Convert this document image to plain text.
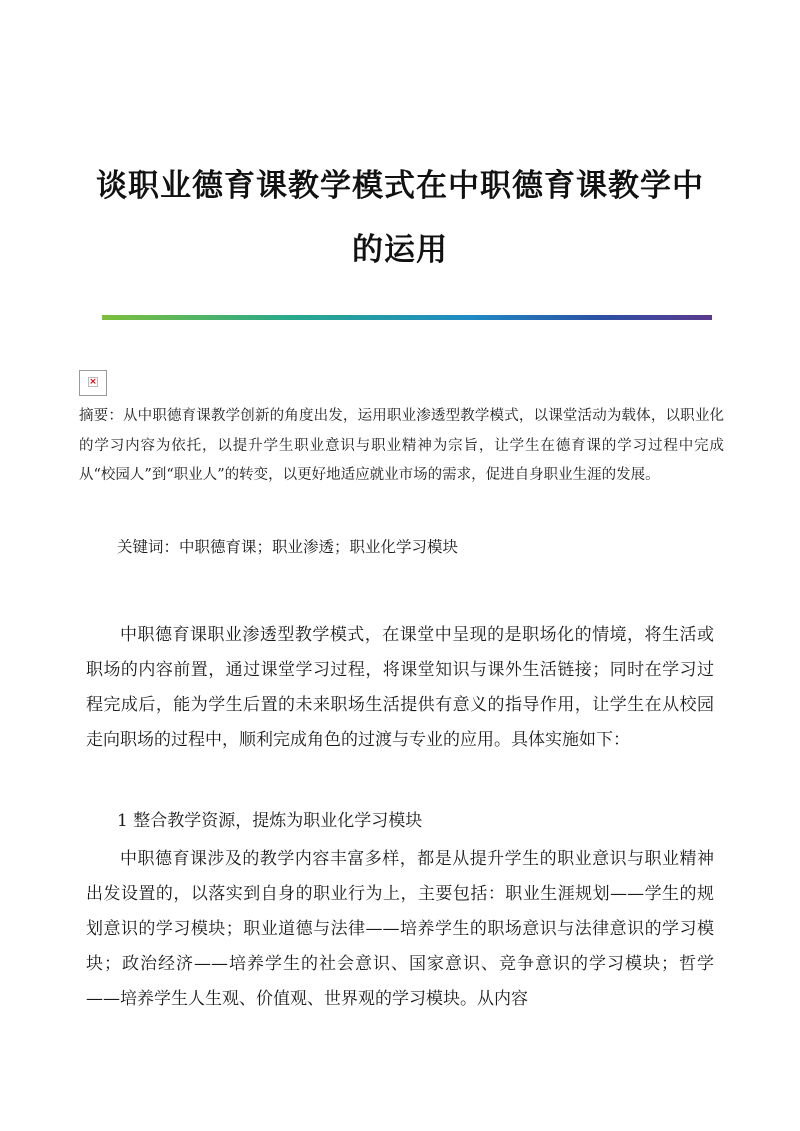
谈职业德育课教学模式在中职德育课教学中
的运用
×

摘要：从中职德育课教学创新的角度出发，运用职业渗透型教学模式，以课堂活动为载体，以职业化的学习内容为依托，以提升学生职业意识与职业精神为宗旨，让学生在德育课的学习过程中完成从“校园人”到“职业人”的转变，以更好地适应就业市场的需求，促进自身职业生涯的发展。

关键词：中职德育课；职业渗透；职业化学习模块

中职德育课职业渗透型教学模式，在课堂中呈现的是职场化的情境，将生活或职场的内容前置，通过课堂学习过程，将课堂知识与课外生活链接；同时在学习过程完成后，能为学生后置的未来职场生活提供有意义的指导作用，让学生在从校园走向职场的过程中，顺利完成角色的过渡与专业的应用。具体实施如下：

1 整合教学资源，提炼为职业化学习模块

中职德育课涉及的教学内容丰富多样，都是从提升学生的职业意识与职业精神出发设置的，以落实到自身的职业行为上，主要包括：职业生涯规划——学生的规划意识的学习模块；职业道德与法律——培养学生的职场意识与法律意识的学习模块；政治经济——培养学生的社会意识、国家意识、竞争意识的学习模块；哲学——培养学生人生观、价值观、世界观的学习模块。从内容
